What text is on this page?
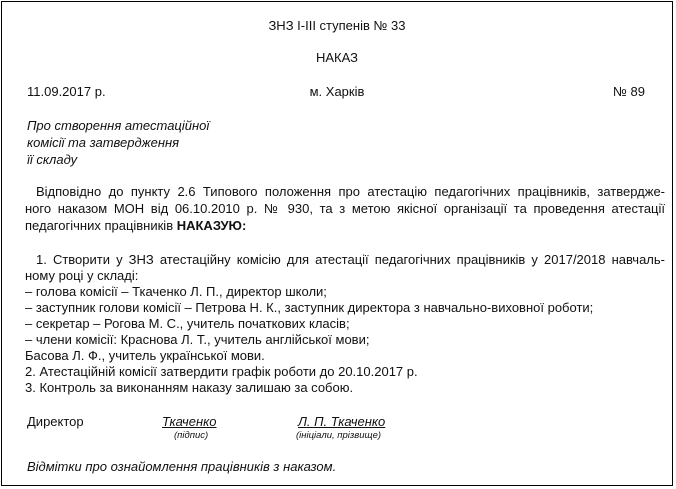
ЗНЗ І-ІІІ ступенів № 33
НАКАЗ
11.09.2017 р.	м. Харків	№ 89
Про створення атестаційної
комісії та затвердження
її складу
Відповідно до пункту 2.6 Типового положення про атестацію педагогічних працівників, затверджe-
ного наказом МОН від 06.10.2010 р. № 930, та з метою якісної організації та проведення атестації
педагогічних працівників НАКАЗУЮ:
1. Створити у ЗНЗ атестаційну комісію для атестації педагогічних працівників у 2017/2018 навчаль-
ному році у складі:
– голова комісії – Ткаченко Л. П., директор школи;
– заступник голови комісії – Петрова Н. К., заступник директора з навчально-виховної роботи;
– секретар – Рогова М. С., учитель початкових класів;
– члени комісії: Краснова Л. Т., учитель англійської мови;
Басова Л. Ф., учитель української мови.
2. Атестаційній комісії затвердити графік роботи до 20.10.2017 р.
3. Контроль за виконанням наказу залишаю за собою.
Директор	Ткаченко
(підпис)
Л. П. Ткаченко
(ініціали, прізвище)
Відмітки про ознайомлення працівників з наказом.
